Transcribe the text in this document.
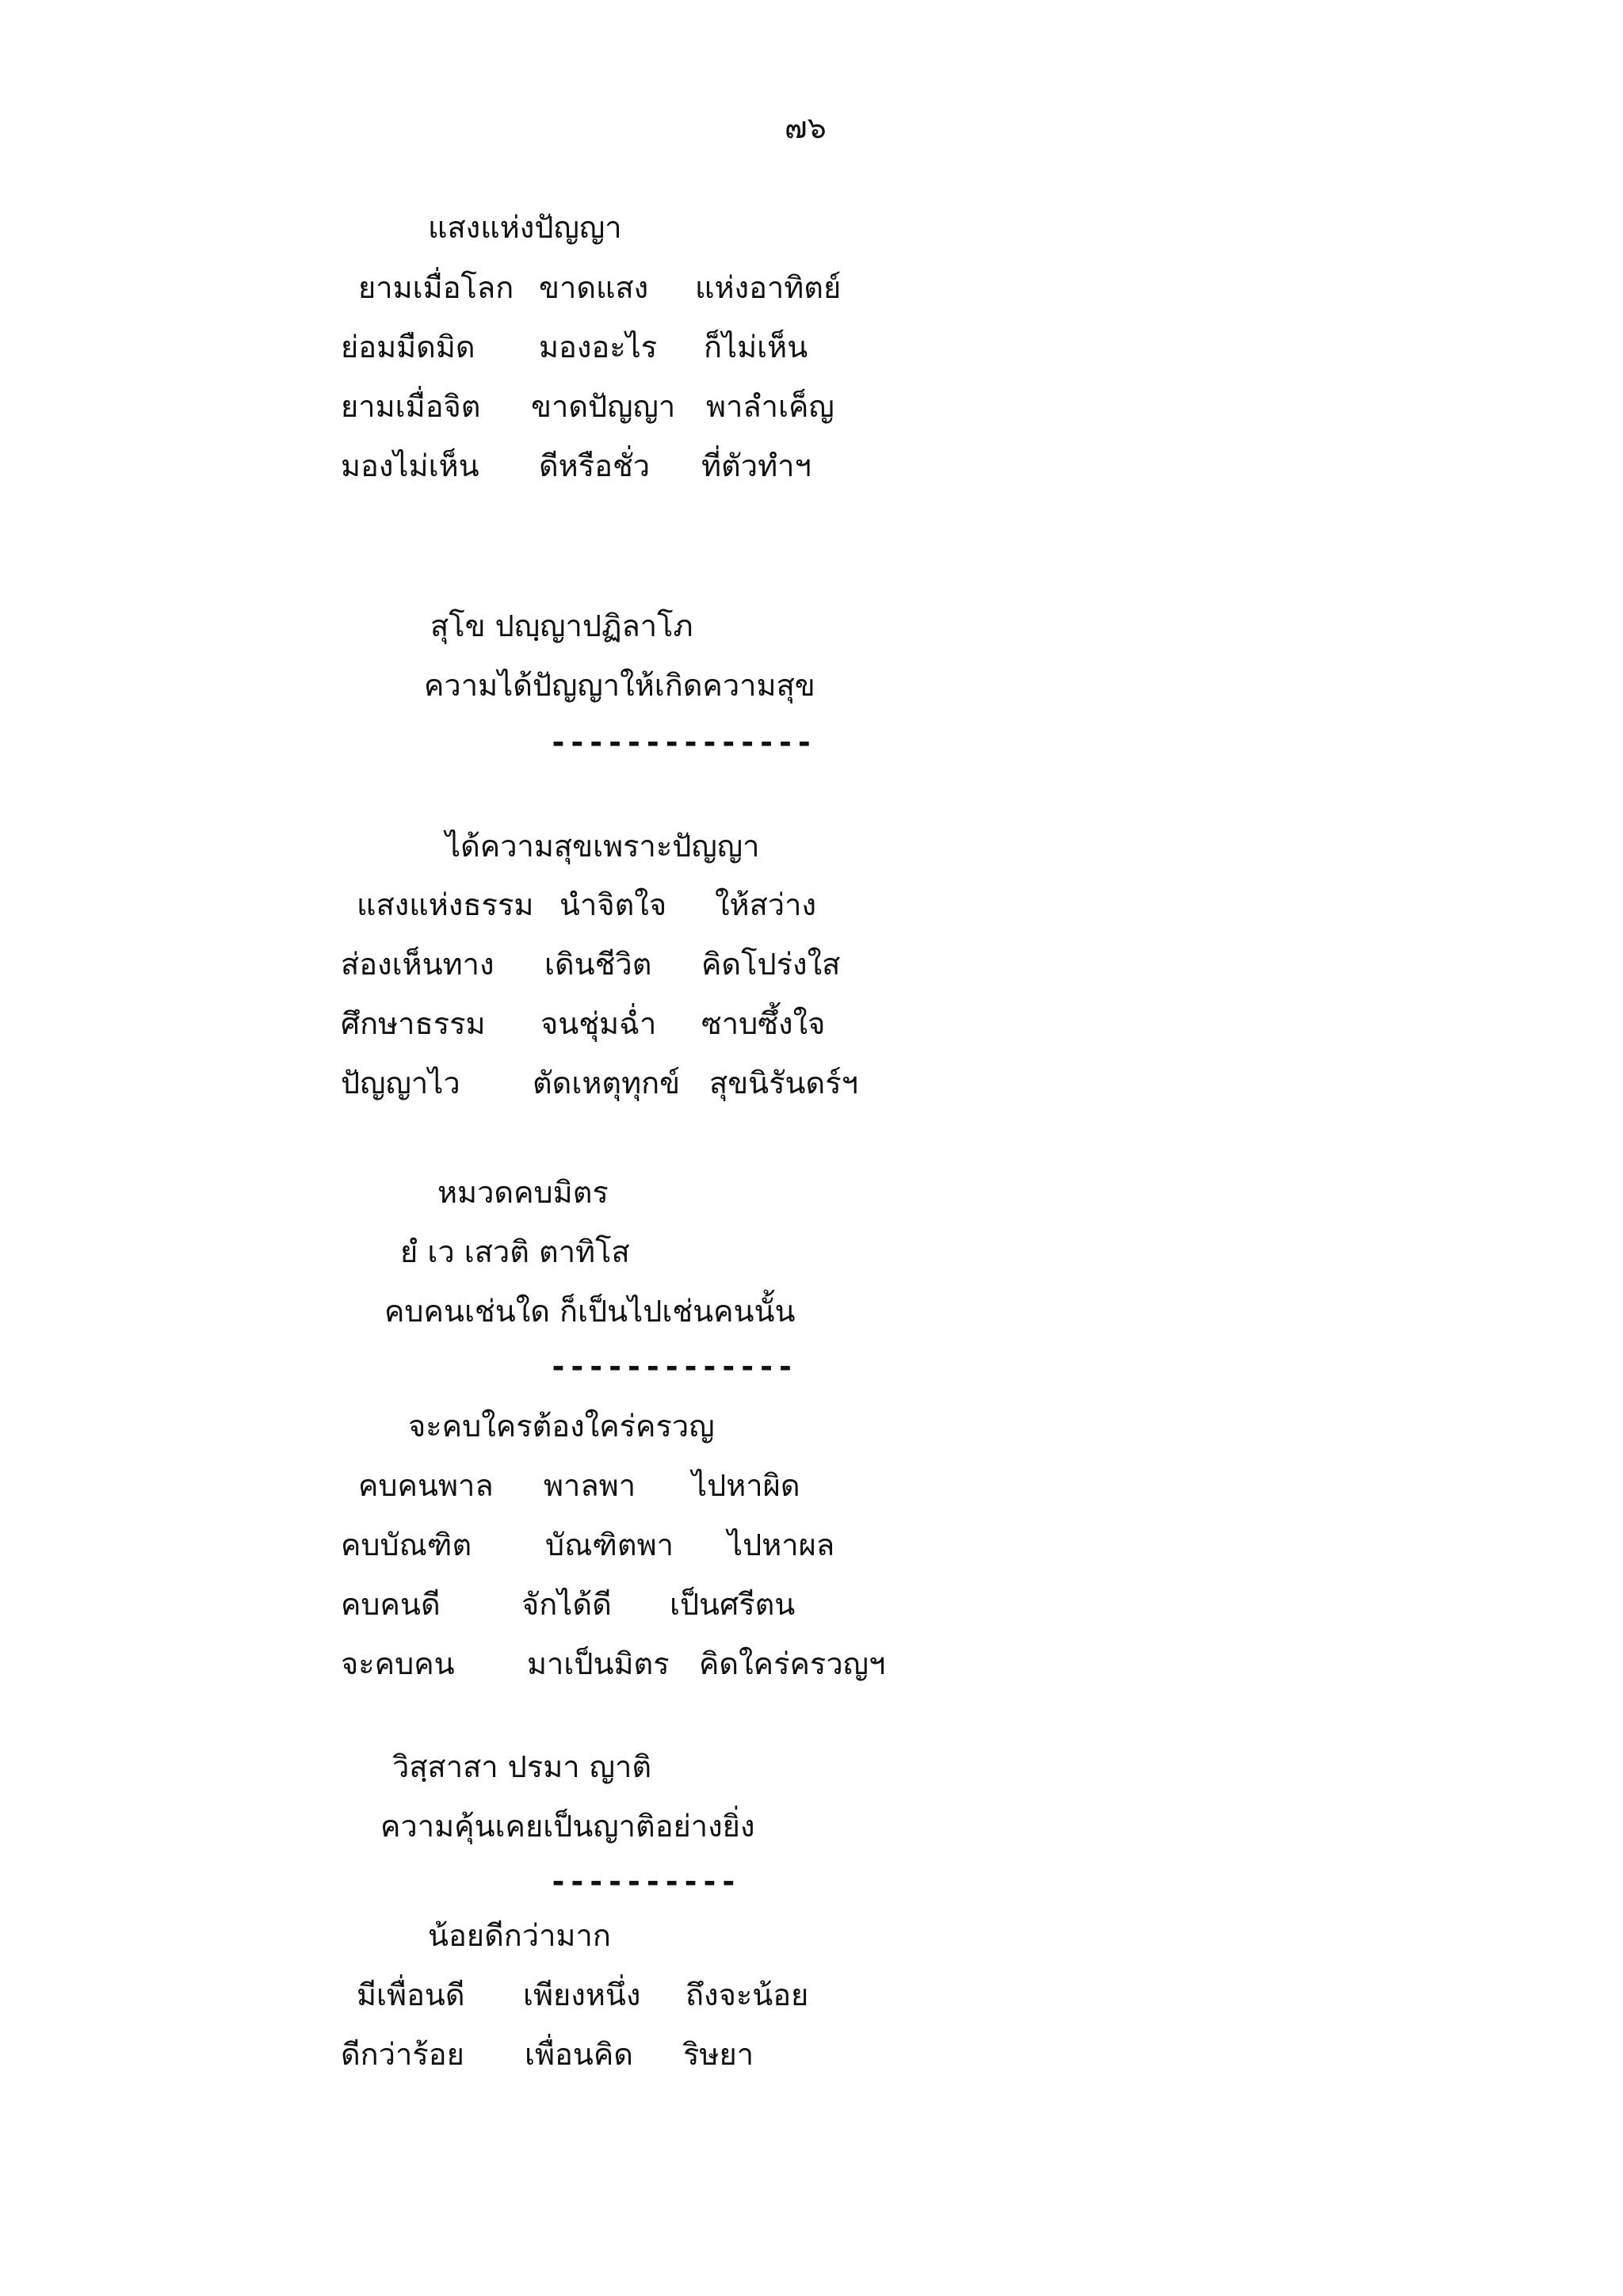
๗๖
แสงแห่งปัญญา
ยามเมื่อโลก ขาดแสง แห่งอาทิตย์
ย่อมมืดมิด มองอะไร ก็ไม่เห็น
ยามเมื่อจิต ขาดปัญญา พาลำเค็ญ
มองไม่เห็น ดีหรือชั่ว ที่ตัวทำฯ
สุโข ปญฺญาปฏิลาโภ
ความได้ปัญญาให้เกิดความสุข
--------------
ได้ความสุขเพราะปัญญา
แสงแห่งธรรม นำจิตใจ ให้สว่าง
ส่องเห็นทาง เดินชีวิต คิดโปร่งใส
ศึกษาธรรม จนชุ่มฉ่ำ ซาบซึ้งใจ
ปัญญาไว ตัดเหตุทุกข์ สุขนิรันดร์ฯ
หมวดคบมิตร
ยํ เว เสวติ ตาทิโส
คบคนเช่นใด ก็เป็นไปเช่นคนนั้น
-------------
จะคบใครต้องใคร่ครวญ
คบคนพาล พาลพา ไปหาผิด
คบบัณฑิต บัณฑิตพา ไปหาผล
คบคนดี	จักได้ดี เป็นศรีตน
จะคบคน มาเป็นมิตร คิดใคร่ครวญฯ
วิสฺสาสา ปรมา ญาติ
ความคุ้นเคยเป็นญาติอย่างยิ่ง
----------
น้อยดีกว่ามาก
มีเพื่อนดี เพียงหนึ่ง ถึงจะน้อย
ดีกว่าร้อย เพื่อนคิด ริษยา
